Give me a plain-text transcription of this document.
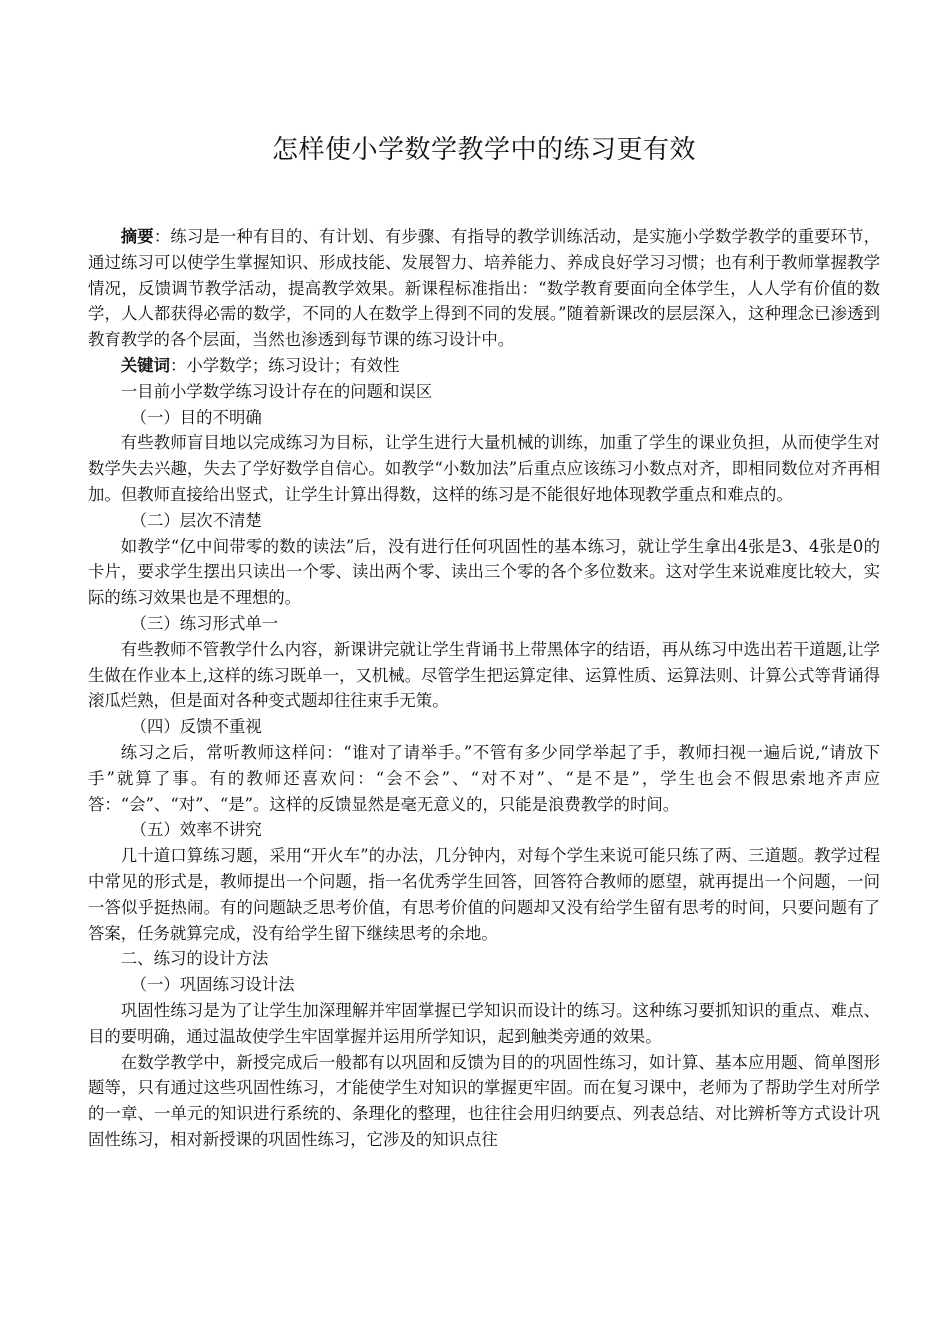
怎样使小学数学教学中的练习更有效

摘要：练习是一种有目的、有计划、有步骤、有指导的教学训练活动，是实施小学数学教学的重要环节，通过练习可以使学生掌握知识、形成技能、发展智力、培养能力、养成良好学习习惯；也有利于教师掌握教学情况，反馈调节教学活动，提高教学效果。新课程标准指出：“数学教育要面向全体学生，人人学有价值的数学，人人都获得必需的数学，不同的人在数学上得到不同的发展。”随着新课改的层层深入，这种理念已渗透到教育教学的各个层面，当然也渗透到每节课的练习设计中。

关键词：小学数学；练习设计；有效性

一目前小学数学练习设计存在的问题和误区

（一）目的不明确

有些教师盲目地以完成练习为目标，让学生进行大量机械的训练，加重了学生的课业负担，从而使学生对数学失去兴趣，失去了学好数学自信心。如教学“小数加法”后重点应该练习小数点对齐，即相同数位对齐再相加。但教师直接给出竖式，让学生计算出得数，这样的练习是不能很好地体现教学重点和难点的。

（二）层次不清楚

如教学“亿中间带零的数的读法”后，没有进行任何巩固性的基本练习，就让学生拿出4张是3、4张是0的卡片，要求学生摆出只读出一个零、读出两个零、读出三个零的各个多位数来。这对学生来说难度比较大，实际的练习效果也是不理想的。

（三）练习形式单一

有些教师不管教学什么内容，新课讲完就让学生背诵书上带黑体字的结语，再从练习中选出若干道题,让学生做在作业本上,这样的练习既单一，又机械。尽管学生把运算定律、运算性质、运算法则、计算公式等背诵得滚瓜烂熟，但是面对各种变式题却往往束手无策。

（四）反馈不重视

练习之后，常听教师这样问：“谁对了请举手。”不管有多少同学举起了手，教师扫视一遍后说,“请放下手”就算了事。有的教师还喜欢问：“会不会”、“对不对”、“是不是”，学生也会不假思索地齐声应答：“会”、“对”、“是”。这样的反馈显然是毫无意义的，只能是浪费教学的时间。

（五）效率不讲究

几十道口算练习题，采用“开火车”的办法，几分钟内，对每个学生来说可能只练了两、三道题。教学过程中常见的形式是，教师提出一个问题，指一名优秀学生回答，回答符合教师的愿望，就再提出一个问题，一问一答似乎挺热闹。有的问题缺乏思考价值，有思考价值的问题却又没有给学生留有思考的时间，只要问题有了答案，任务就算完成，没有给学生留下继续思考的余地。

二、练习的设计方法

（一）巩固练习设计法

巩固性练习是为了让学生加深理解并牢固掌握已学知识而设计的练习。这种练习要抓知识的重点、难点、目的要明确，通过温故使学生牢固掌握并运用所学知识，起到触类旁通的效果。

在数学教学中，新授完成后一般都有以巩固和反馈为目的的巩固性练习，如计算、基本应用题、简单图形题等，只有通过这些巩固性练习，才能使学生对知识的掌握更牢固。而在复习课中，老师为了帮助学生对所学的一章、一单元的知识进行系统的、条理化的整理，也往往会用归纳要点、列表总结、对比辨析等方式设计巩固性练习，相对新授课的巩固性练习，它涉及的知识点往
